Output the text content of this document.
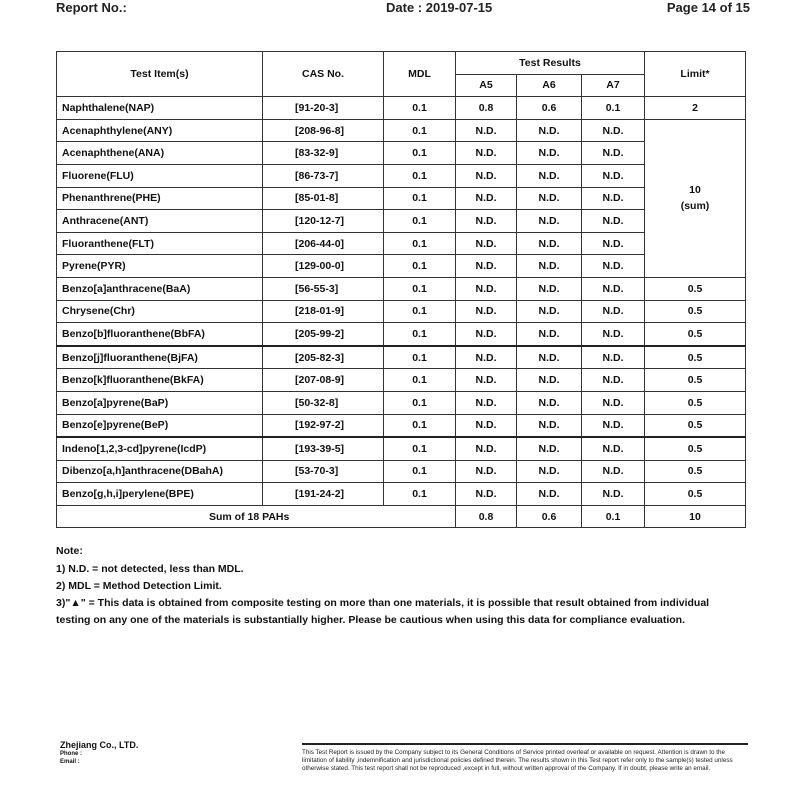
Report No.:	Date : 2019-07-15	Page 14 of 15
Test Item(s)	CAS No.	MDL	Test Results			Limit*
			A5	A6	A7	
Naphthalene(NAP)	[91-20-3]	0.1	0.8	0.6	0.1	2
Acenaphthylene(ANY)	[208-96-8]	0.1	N.D.	N.D.	N.D.	10
(sum)

Acenaphthene(ANA)	[83-32-9]	0.1	N.D.	N.D.	N.D.	
Fluorene(FLU)	[86-73-7]	0.1	N.D.	N.D.	N.D.	
Phenanthrene(PHE)	[85-01-8]	0.1	N.D.	N.D.	N.D.	
Anthracene(ANT)	[120-12-7]	0.1	N.D.	N.D.	N.D.	
Fluoranthene(FLT)	[206-44-0]	0.1	N.D.	N.D.	N.D.	
Pyrene(PYR)	[129-00-0]	0.1	N.D.	N.D.	N.D.	
Benzo[a]anthracene(BaA)	[56-55-3]	0.1	N.D.	N.D.	N.D.	0.5
Chrysene(Chr)	[218-01-9]	0.1	N.D.	N.D.	N.D.	0.5
Benzo[b]fluoranthene(BbFA)	[205-99-2]	0.1	N.D.	N.D.	N.D.	0.5
Benzo[j]fluoranthene(BjFA)	[205-82-3]	0.1	N.D.	N.D.	N.D.	0.5
Benzo[k]fluoranthene(BkFA)	[207-08-9]	0.1	N.D.	N.D.	N.D.	0.5
Benzo[a]pyrene(BaP)	[50-32-8]	0.1	N.D.	N.D.	N.D.	0.5
Benzo[e]pyrene(BeP)	[192-97-2]	0.1	N.D.	N.D.	N.D.	0.5
Indeno[1,2,3-cd]pyrene(IcdP)	[193-39-5]	0.1	N.D.	N.D.	N.D.	0.5
Dibenzo[a,h]anthracene(DBahA)	[53-70-3]	0.1	N.D.	N.D.	N.D.	0.5
Benzo[g,h,i]perylene(BPE)	[191-24-2]	0.1	N.D.	N.D.	N.D.	0.5
Sum of 18 PAHs			0.8	0.6	0.1	10
Note:
1) N.D. = not detected, less than MDL.
2) MDL = Method Detection Limit.
3)"▲" = This data is obtained from composite testing on more than one materials, it is possible that result obtained from individual
testing on any one of the materials is substantially higher. Please be cautious when using this data for compliance evaluation.
Zhejiang Co., LTD.
Phone :
Email :
This Test Report is issued by the Company subject to its General Conditions of Service printed overleaf or available on request. Attention is drawn to the limitation of liability ,indemnification and jurisdictional policies defined therein. The results shown in this Test report refer only to the sample(s) tested unless otherwise stated. This test report shall not be reproduced ,except in full, without written approval of the Company. If in doubt, please write an email.
